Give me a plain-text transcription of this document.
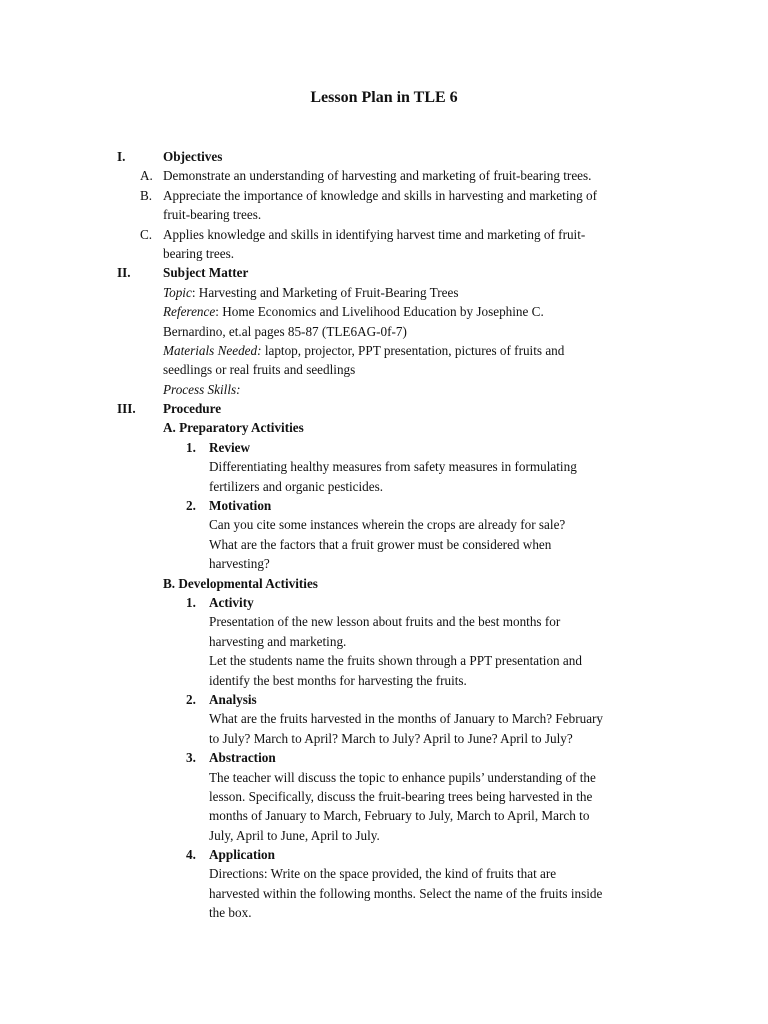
Lesson Plan in TLE 6
I.	Objectives
A. Demonstrate an understanding of harvesting and marketing of fruit-bearing trees.
B. Appreciate the importance of knowledge and skills in harvesting and marketing of
fruit-bearing trees.
C. Applies knowledge and skills in identifying harvest time and marketing of fruit-
bearing trees.
II. Subject Matter
Topic: Harvesting and Marketing of Fruit-Bearing Trees
Reference: Home Economics and Livelihood Education by Josephine C.
Bernardino, et.al pages 85-87 (TLE6AG-0f-7)
Materials Needed: laptop, projector, PPT presentation, pictures of fruits and
seedlings or real fruits and seedlings
Process Skills:
III. Procedure
A. Preparatory Activities
1. Review
Differentiating healthy measures from safety measures in formulating
fertilizers and organic pesticides.
2. Motivation
Can you cite some instances wherein the crops are already for sale?
What are the factors that a fruit grower must be considered when
harvesting?
B. Developmental Activities
1. Activity
Presentation of the new lesson about fruits and the best months for
harvesting and marketing.
Let the students name the fruits shown through a PPT presentation and
identify the best months for harvesting the fruits.
2. Analysis
What are the fruits harvested in the months of January to March? February
to July? March to April? March to July? April to June? April to July?
3. Abstraction
The teacher will discuss the topic to enhance pupils’ understanding of the
lesson. Specifically, discuss the fruit-bearing trees being harvested in the
months of January to March, February to July, March to April, March to
July, April to June, April to July.
4. Application
Directions: Write on the space provided, the kind of fruits that are
harvested within the following months. Select the name of the fruits inside
the box.
